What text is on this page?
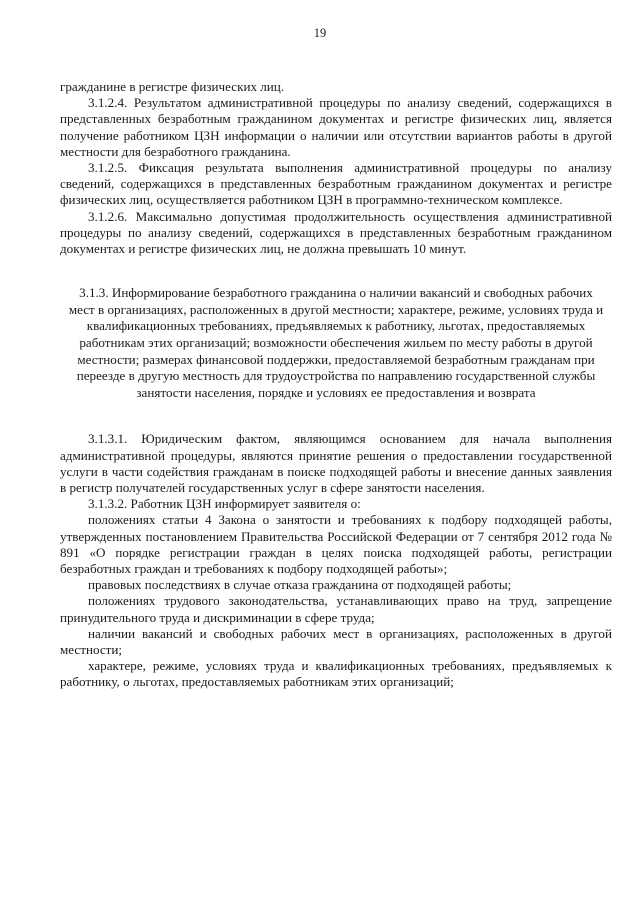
19

гражданине в регистре физических лиц.

3.1.2.4. Результатом административной процедуры по анализу сведений, содержащихся в представленных безработным гражданином документах и регистре физических лиц, является получение работником ЦЗН информации о наличии или отсутствии вариантов работы в другой местности для безработного гражданина.

3.1.2.5. Фиксация результата выполнения административной процедуры по анализу сведений, содержащихся в представленных безработным гражданином документах и регистре физических лиц, осуществляется работником ЦЗН в программно-техническом комплексе.

3.1.2.6. Максимально допустимая продолжительность осуществления административной процедуры по анализу сведений, содержащихся в представленных безработным гражданином документах и регистре физических лиц, не должна превышать 10 минут.

3.1.3. Информирование безработного гражданина о наличии вакансий и свободных рабочих мест в организациях, расположенных в другой местности; характере, режиме, условиях труда и квалификационных требованиях, предъявляемых к работнику, льготах, предоставляемых работникам этих организаций; возможности обеспечения жильем по месту работы в другой местности; размерах финансовой поддержки, предоставляемой безработным гражданам при переезде в другую местность для трудоустройства по направлению государственной службы занятости населения, порядке и условиях ее предоставления и возврата

3.1.3.1. Юридическим фактом, являющимся основанием для начала выполнения административной процедуры, являются принятие решения о предоставлении государственной услуги в части содействия гражданам в поиске подходящей работы и внесение данных заявления в регистр получателей государственных услуг в сфере занятости населения.

3.1.3.2. Работник ЦЗН информирует заявителя о:

положениях статьи 4 Закона о занятости и требованиях к подбору подходящей работы, утвержденных постановлением Правительства Российской Федерации от 7 сентября 2012 года № 891 «О порядке регистрации граждан в целях поиска подходящей работы, регистрации безработных граждан и требованиях к подбору подходящей работы»;

правовых последствиях в случае отказа гражданина от подходящей работы;

положениях трудового законодательства, устанавливающих право на труд, запрещение принудительного труда и дискриминации в сфере труда;

наличии вакансий и свободных рабочих мест в организациях, расположенных в другой местности;

характере, режиме, условиях труда и квалификационных требованиях, предъявляемых к работнику, о льготах, предоставляемых работникам этих организаций;
